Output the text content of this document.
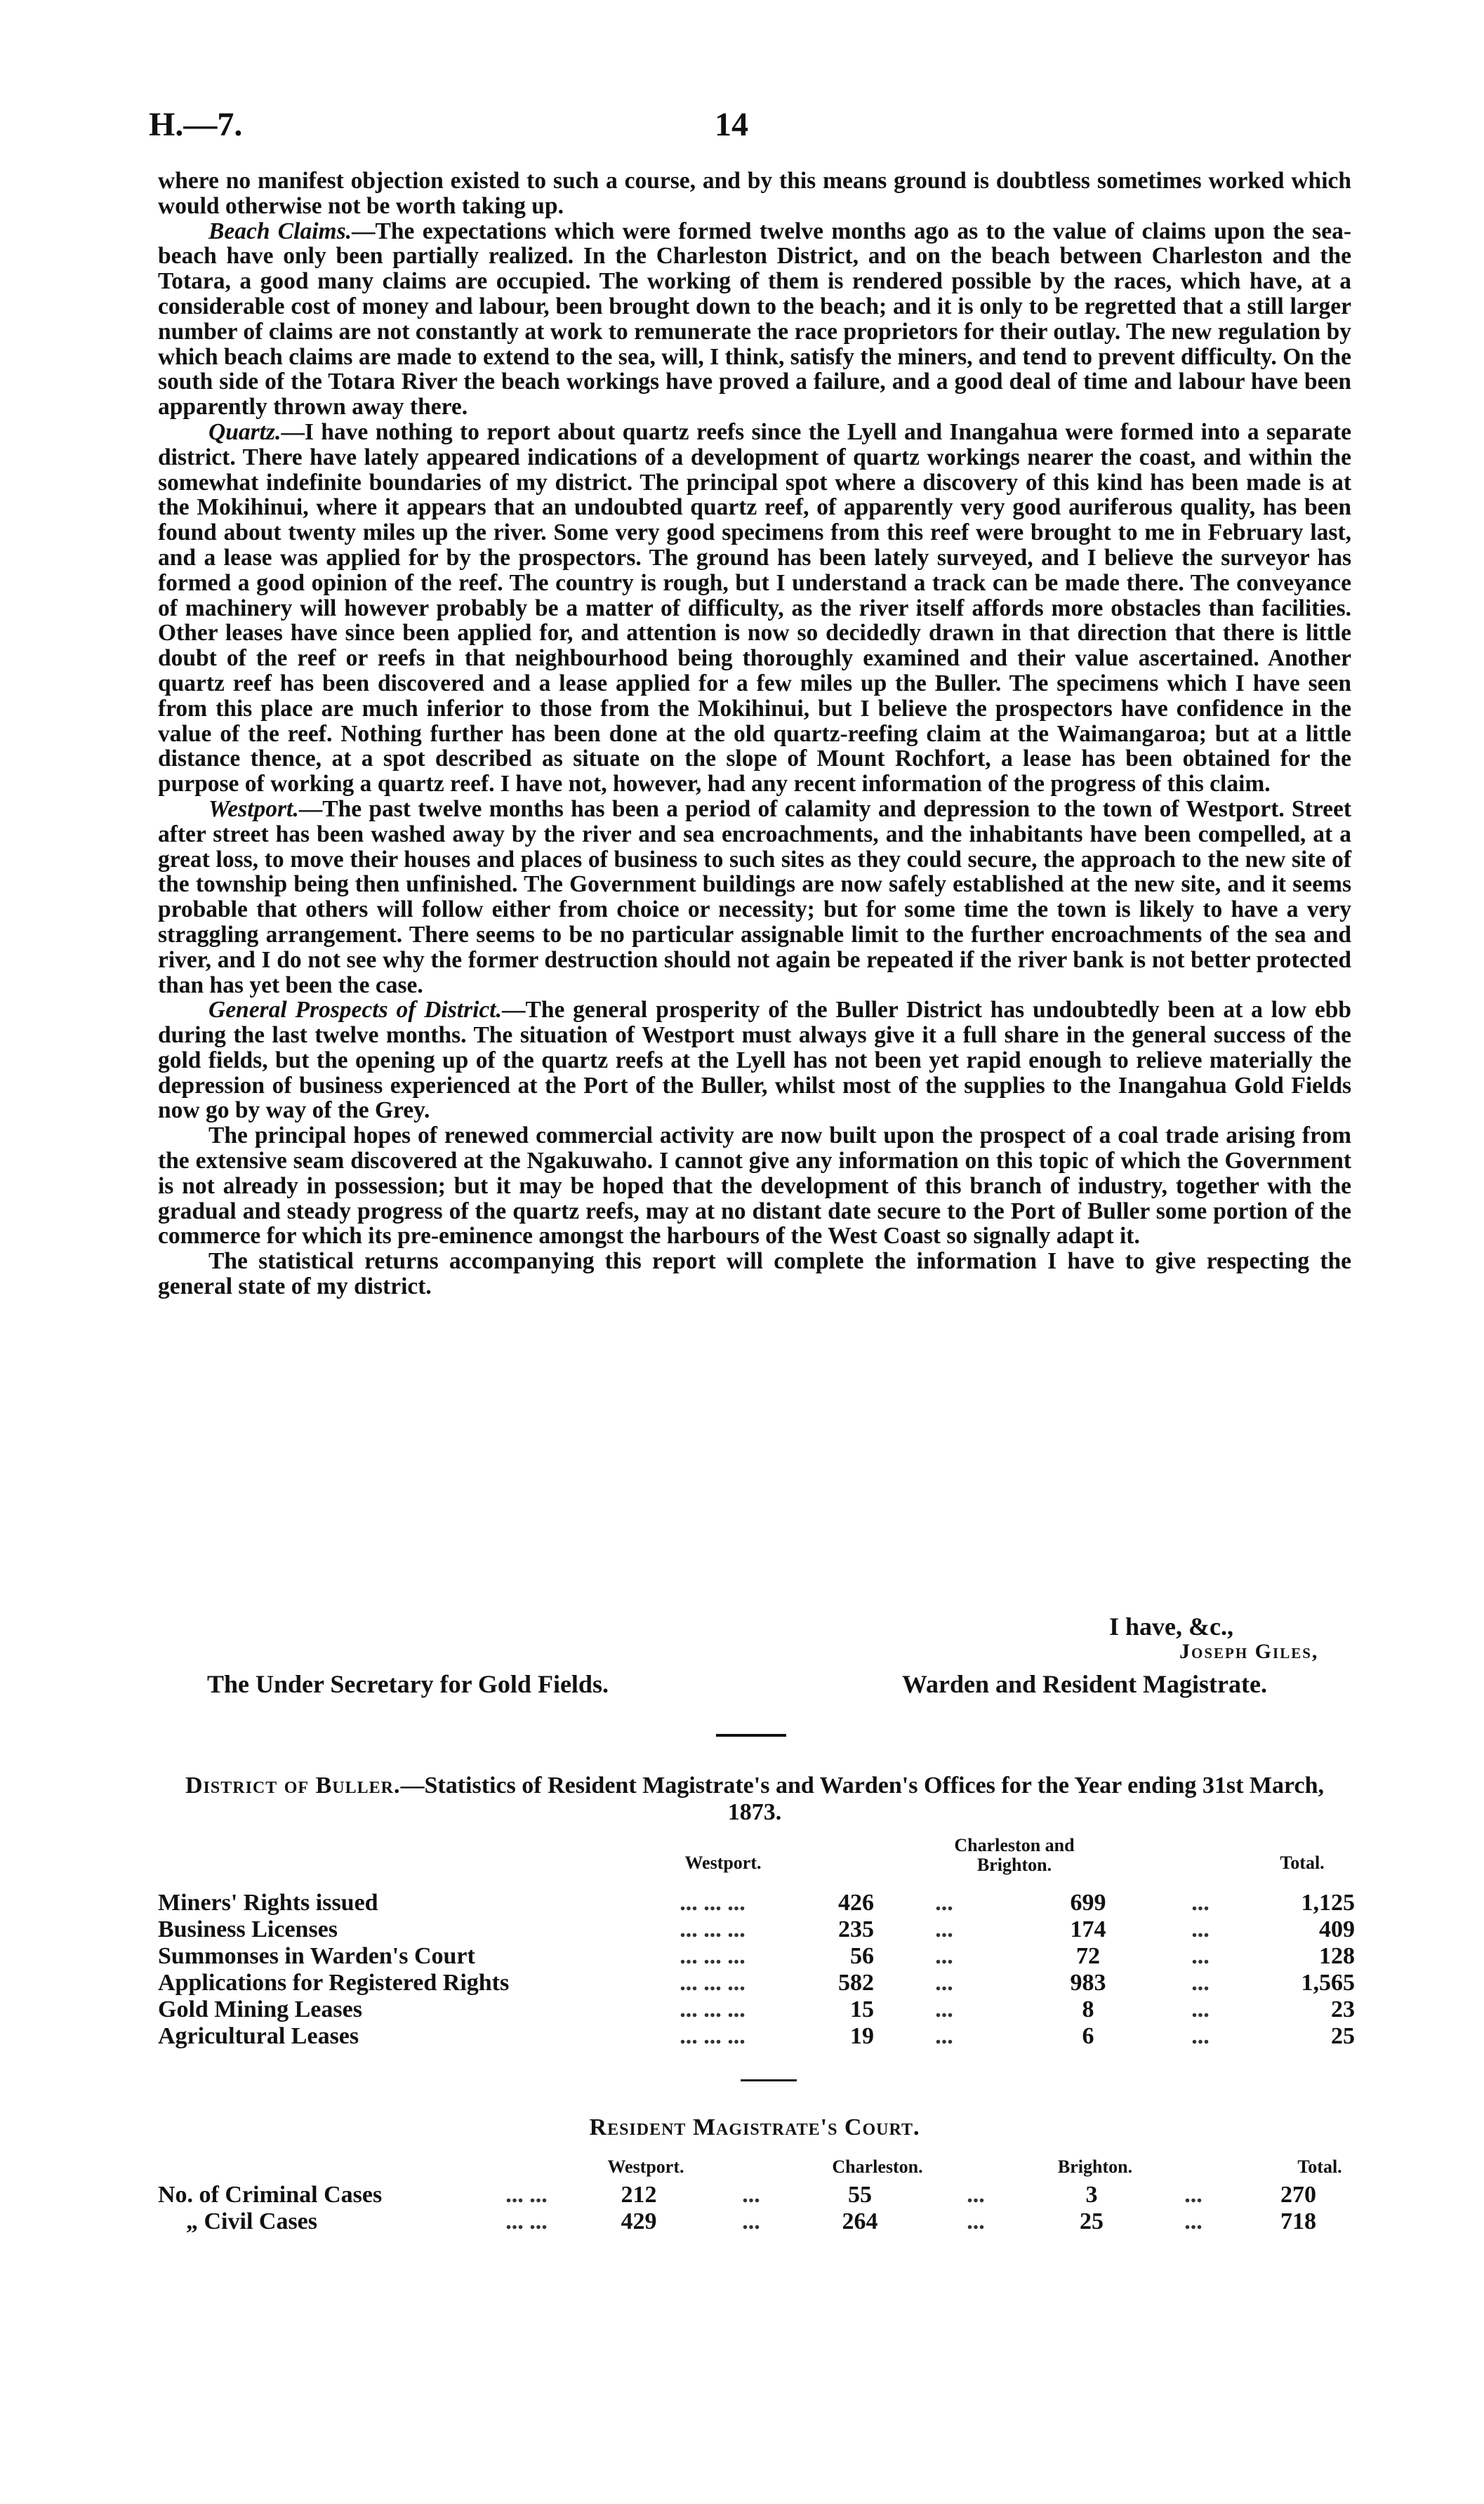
H.—7.	14

where no manifest objection existed to such a course, and by this means ground is doubtless sometimes worked which would otherwise not be worth taking up.

Beach Claims.—The expectations which were formed twelve months ago as to the value of claims upon the sea-beach have only been partially realized. In the Charleston District, and on the beach between Charleston and the Totara, a good many claims are occupied. The working of them is rendered possible by the races, which have, at a considerable cost of money and labour, been brought down to the beach; and it is only to be regretted that a still larger number of claims are not constantly at work to remunerate the race proprietors for their outlay. The new regulation by which beach claims are made to extend to the sea, will, I think, satisfy the miners, and tend to prevent difficulty. On the south side of the Totara River the beach workings have proved a failure, and a good deal of time and labour have been apparently thrown away there.

Quartz.—I have nothing to report about quartz reefs since the Lyell and Inangahua were formed into a separate district. There have lately appeared indications of a development of quartz workings nearer the coast, and within the somewhat indefinite boundaries of my district. The principal spot where a discovery of this kind has been made is at the Mokihinui, where it appears that an undoubted quartz reef, of apparently very good auriferous quality, has been found about twenty miles up the river. Some very good specimens from this reef were brought to me in February last, and a lease was applied for by the prospectors. The ground has been lately surveyed, and I believe the surveyor has formed a good opinion of the reef. The country is rough, but I understand a track can be made there. The conveyance of machinery will however probably be a matter of difficulty, as the river itself affords more obstacles than facilities. Other leases have since been applied for, and attention is now so decidedly drawn in that direction that there is little doubt of the reef or reefs in that neighbourhood being thoroughly examined and their value ascertained. Another quartz reef has been discovered and a lease applied for a few miles up the Buller. The specimens which I have seen from this place are much inferior to those from the Mokihinui, but I believe the prospectors have confidence in the value of the reef. Nothing further has been done at the old quartz-reefing claim at the Waimangaroa; but at a little distance thence, at a spot described as situate on the slope of Mount Rochfort, a lease has been obtained for the purpose of working a quartz reef. I have not, however, had any recent information of the progress of this claim.

Westport.—The past twelve months has been a period of calamity and depression to the town of Westport. Street after street has been washed away by the river and sea encroachments, and the inhabitants have been compelled, at a great loss, to move their houses and places of business to such sites as they could secure, the approach to the new site of the township being then unfinished. The Government buildings are now safely established at the new site, and it seems probable that others will follow either from choice or necessity; but for some time the town is likely to have a very straggling arrangement. There seems to be no particular assignable limit to the further encroachments of the sea and river, and I do not see why the former destruction should not again be repeated if the river bank is not better protected than has yet been the case.

General Prospects of District.—The general prosperity of the Buller District has undoubtedly been at a low ebb during the last twelve months. The situation of Westport must always give it a full share in the general success of the gold fields, but the opening up of the quartz reefs at the Lyell has not been yet rapid enough to relieve materially the depression of business experienced at the Port of the Buller, whilst most of the supplies to the Inangahua Gold Fields now go by way of the Grey.

The principal hopes of renewed commercial activity are now built upon the prospect of a coal trade arising from the extensive seam discovered at the Ngakuwaho. I cannot give any information on this topic of which the Government is not already in possession; but it may be hoped that the development of this branch of industry, together with the gradual and steady progress of the quartz reefs, may at no distant date secure to the Port of Buller some portion of the commerce for which its pre-eminence amongst the harbours of the West Coast so signally adapt it.

The statistical returns accompanying this report will complete the information I have to give respecting the general state of my district.

I have, &c.,
Joseph Giles,
The Under Secretary for Gold Fields.	Warden and Resident Magistrate.
District of Buller.—Statistics of Resident Magistrate's and Warden's Offices for the Year ending 31st March, 1873.
Westport.
Charleston and Brighton.	Total.
Miners' Rights issued	... ... ...	426	...	699	...	1,125
Business Licenses	... ... ...	235	...	174	...	409
Summonses in Warden's Court	... ... ...	56	...	72	...	128
Applications for Registered Rights	... ... ...	582	...	983	...	1,565
Gold Mining Leases	... ... ...	15	...	8	...	23
Agricultural Leases	... ... ...	19	...	6	...	25
Resident Magistrate's Court.
Westport.	Charleston.	Brighton.	Total.
No. of Criminal Cases	... ...	212	...	55	...	3	...	270	
„ Civil Cases	... ...	429	...	264	...	25	...	718	
